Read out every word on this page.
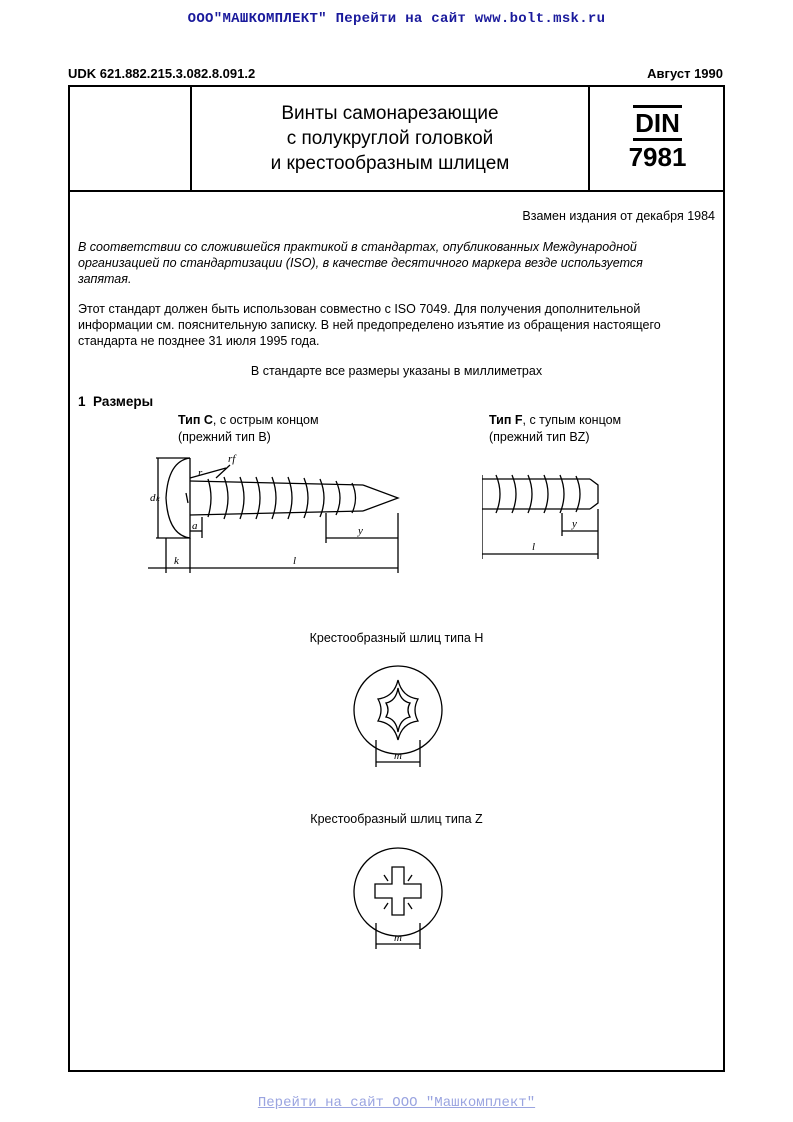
ООО"МАШКОМПЛЕКТ" Перейти на сайт www.bolt.msk.ru
UDK 621.882.215.3.082.8.091.2	Август 1990
Винты самонарезающие
с полукруглой головкой
и крестообразным шлицем
DIN
7981
Взамен издания от декабря 1984
В соответствии со сложившейся практикой в стандартах, опубликованных Международной
организацией по стандартизации (ISO), в качестве десятичного маркера везде используется
запятая.
Этот стандарт должен быть использован совместно с ISO 7049. Для получения дополнительной
информации см. пояснительную записку. В ней предопределено изъятие из обращения настоящего
стандарта не позднее 31 июля 1995 года.
В стандарте все размеры указаны в миллиметрах
1 Размеры
Тип С, с острым концом
(прежний тип В)
Тип F, с тупым концом
(прежний тип BZ)
dₖ
r
rf
a	y
k	l
y
l
Крестообразный шлиц типа Н
m
Крестообразный шлиц типа Z
m
Перейти на сайт ООО "Машкомплект"
